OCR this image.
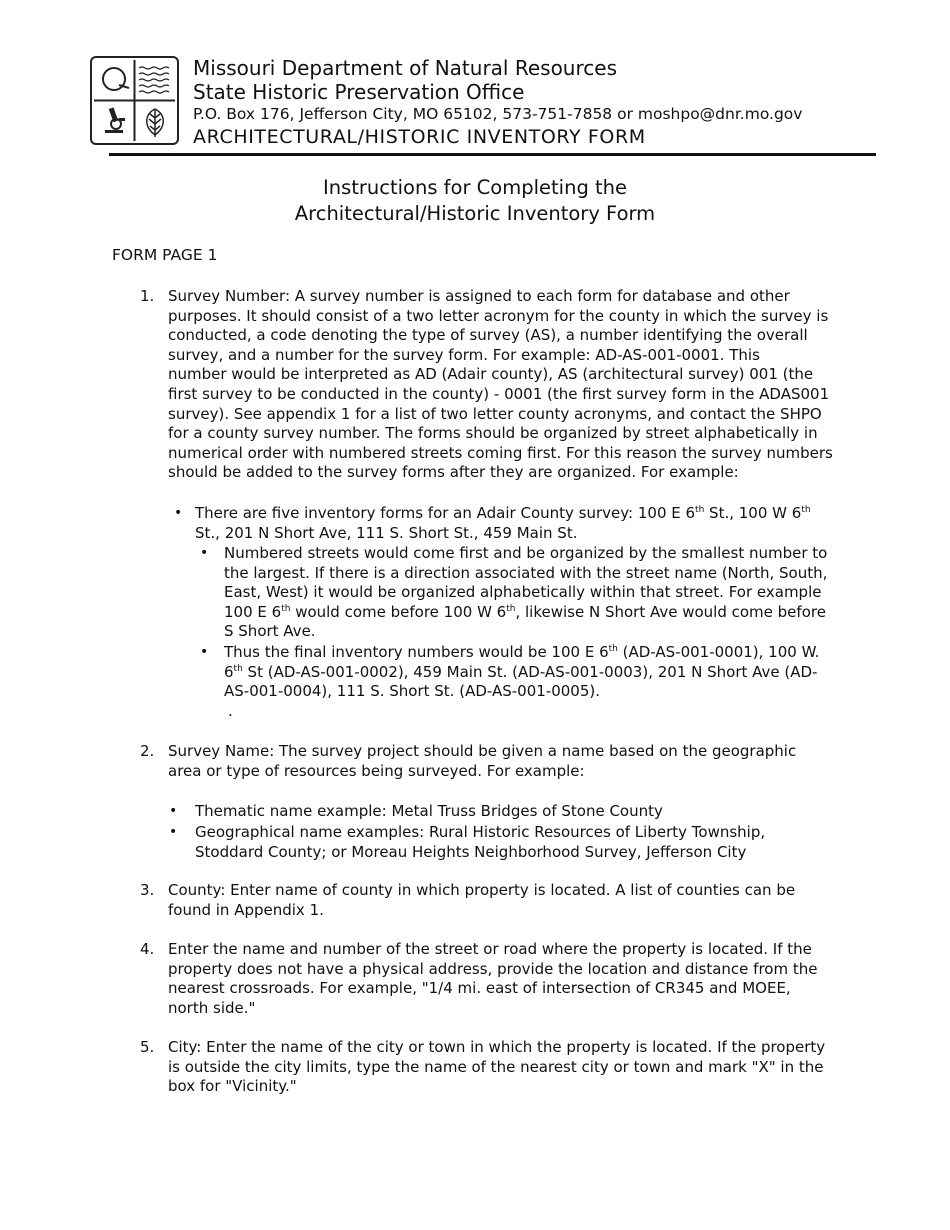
Missouri Department of Natural Resources
State Historic Preservation Office
P.O. Box 176, Jefferson City, MO 65102, 573-751-7858 or moshpo@dnr.mo.gov
ARCHITECTURAL/HISTORIC INVENTORY FORM
Instructions for Completing the
Architectural/Historic Inventory Form
FORM PAGE 1
1. Survey Number: A survey number is assigned to each form for database and other
purposes. It should consist of a two letter acronym for the county in which the survey is
conducted, a code denoting the type of survey (AS), a number identifying the overall
survey, and a number for the survey form. For example: AD-AS-001-0001. This
number would be interpreted as AD (Adair county), AS (architectural survey) 001 (the
first survey to be conducted in the county) - 0001 (the first survey form in the ADAS001
survey). See appendix 1 for a list of two letter county acronyms, and contact the SHPO
for a county survey number. The forms should be organized by street alphabetically in
numerical order with numbered streets coming first. For this reason the survey numbers
should be added to the survey forms after they are organized. For example:
• There are five inventory forms for an Adair County survey: 100 E 6th St., 100 W 6th
St., 201 N Short Ave, 111 S. Short St., 459 Main St.
• Numbered streets would come first and be organized by the smallest number to
the largest. If there is a direction associated with the street name (North, South,
East, West) it would be organized alphabetically within that street. For example
100 E 6th would come before 100 W 6th, likewise N Short Ave would come before
S Short Ave.
• Thus the final inventory numbers would be 100 E 6th (AD-AS-001-0001), 100 W.
6th St (AD-AS-001-0002), 459 Main St. (AD-AS-001-0003), 201 N Short Ave (AD-
AS-001-0004), 111 S. Short St. (AD-AS-001-0005).
.
2. Survey Name: The survey project should be given a name based on the geographic
area or type of resources being surveyed. For example:
• Thematic name example: Metal Truss Bridges of Stone County
• Geographical name examples: Rural Historic Resources of Liberty Township,
Stoddard County; or Moreau Heights Neighborhood Survey, Jefferson City
3. County: Enter name of county in which property is located. A list of counties can be
found in Appendix 1.
4. Enter the name and number of the street or road where the property is located. If the
property does not have a physical address, provide the location and distance from the
nearest crossroads. For example, "1/4 mi. east of intersection of CR345 and MOEE,
north side."
5. City: Enter the name of the city or town in which the property is located. If the property
is outside the city limits, type the name of the nearest city or town and mark "X" in the
box for "Vicinity."
